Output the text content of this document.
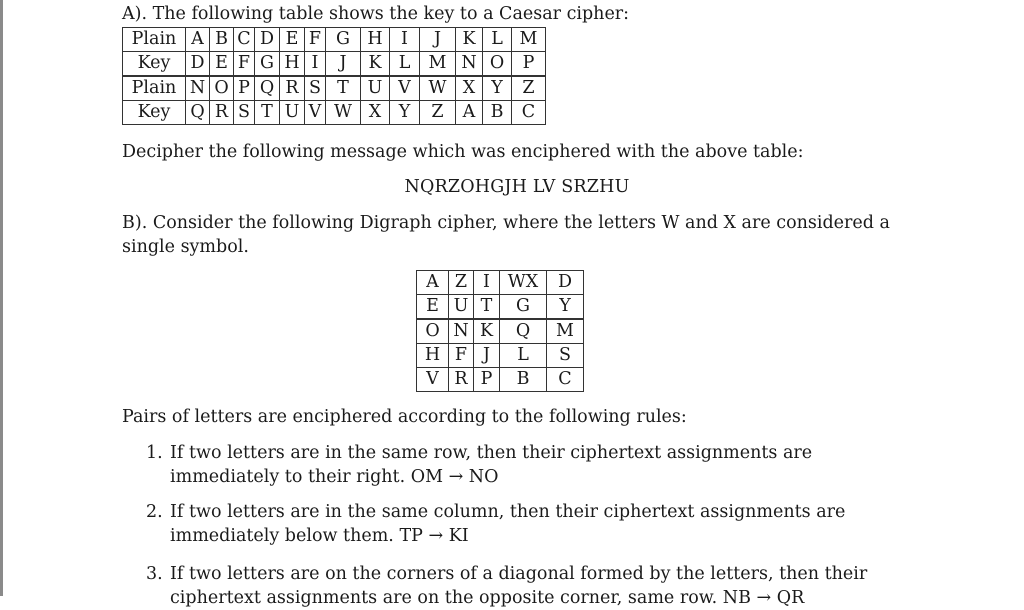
A). The following table shows the key to a Caesar cipher:
Plain	A	B	C	D	E	F	G	H	I	J	K	L	M
Key	D	E	F	G	H	I	J	K	L	M	N	O	P
Plain	N	O	P	Q	R	S	T	U	V	W	X	Y	Z
Key	Q	R	S	T	U	V	W	X	Y	Z	A	B	C
Decipher the following message which was enciphered with the above table:
NQRZOHGJH LV SRZHU
B). Consider the following Digraph cipher, where the letters W and X are considered a single symbol.
A	Z	I	WX	D
E	U	T	G	Y
O	N	K	Q	M
H	F	J	L	S
V	R	P	B	C
Pairs of letters are enciphered according to the following rules:
1. If two letters are in the same row, then their ciphertext assignments are immediately to their right. OM → NO
2. If two letters are in the same column, then their ciphertext assignments are immediately below them. TP → KI
3. If two letters are on the corners of a diagonal formed by the letters, then their ciphertext assignments are on the opposite corner, same row. NB → QR
